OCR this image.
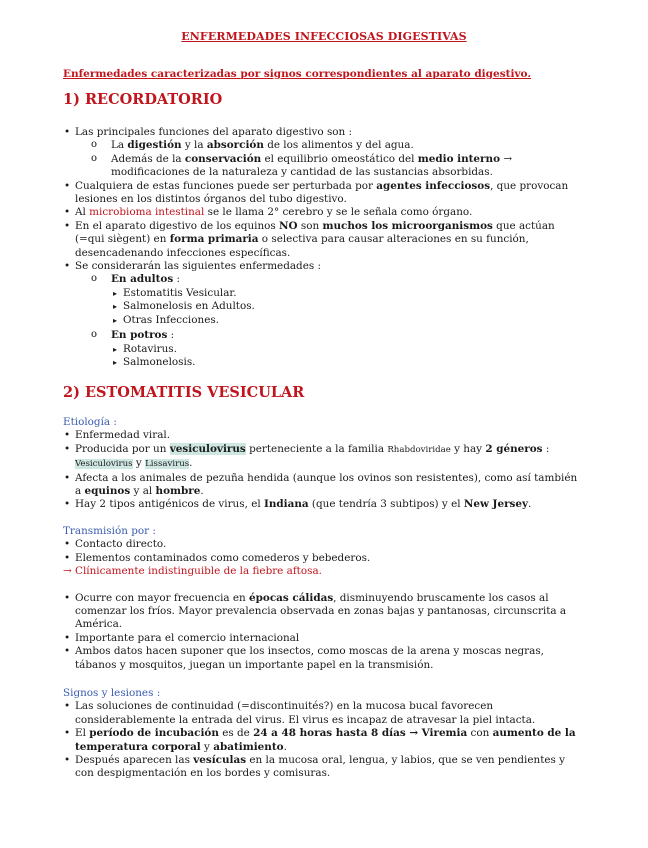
ENFERMEDADES INFECCIOSAS DIGESTIVAS
Enfermedades caracterizadas por signos correspondientes al aparato digestivo.
1) RECORDATORIO
• Las principales funciones del aparato digestivo son :
o La digestión y la absorción de los alimentos y del agua.
o Además de la conservación el equilibrio omeostático del medio interno → modificaciones de la naturaleza y cantidad de las sustancias absorbidas.
• Cualquiera de estas funciones puede ser perturbada por agentes infecciosos, que provocan lesiones en los distintos órganos del tubo digestivo.
• Al microbioma intestinal se le llama 2° cerebro y se le señala como órgano.
• En el aparato digestivo de los equinos NO son muchos los microorganismos que actúan (=qui siègent) en forma primaria o selectiva para causar alteraciones en su función, desencadenando infecciones específicas.
• Se considerarán las siguientes enfermedades :
o En adultos :
▸ Estomatitis Vesicular.
▸ Salmonelosis en Adultos.
▸ Otras Infecciones.
o En potros :
▸ Rotavirus.
▸ Salmonelosis.
2) ESTOMATITIS VESICULAR
Etiología :
• Enfermedad viral.
• Producida por un vesiculovirus perteneciente a la familia Rhabdoviridae y hay 2 géneros : Vesiculovirus y Lissavirus.
• Afecta a los animales de pezuña hendida (aunque los ovinos son resistentes), como así también a equinos y al hombre.
• Hay 2 tipos antigénicos de virus, el Indiana (que tendría 3 subtipos) y el New Jersey.
Transmisión por :
• Contacto directo.
• Elementos contaminados como comederos y bebederos.
→ Clínicamente indistinguible de la fiebre aftosa.
• Ocurre con mayor frecuencia en épocas cálidas, disminuyendo bruscamente los casos al comenzar los fríos. Mayor prevalencia observada en zonas bajas y pantanosas, circunscrita a América.
• Importante para el comercio internacional
• Ambos datos hacen suponer que los insectos, como moscas de la arena y moscas negras, tábanos y mosquitos, juegan un importante papel en la transmisión.
Signos y lesiones :
• Las soluciones de continuidad (=discontinuités?) en la mucosa bucal favorecen considerablemente la entrada del virus. El virus es incapaz de atravesar la piel intacta.
• El período de incubación es de 24 a 48 horas hasta 8 días → Viremia con aumento de la temperatura corporal y abatimiento.
• Después aparecen las vesículas en la mucosa oral, lengua, y labios, que se ven pendientes y con despigmentación en los bordes y comisuras.
